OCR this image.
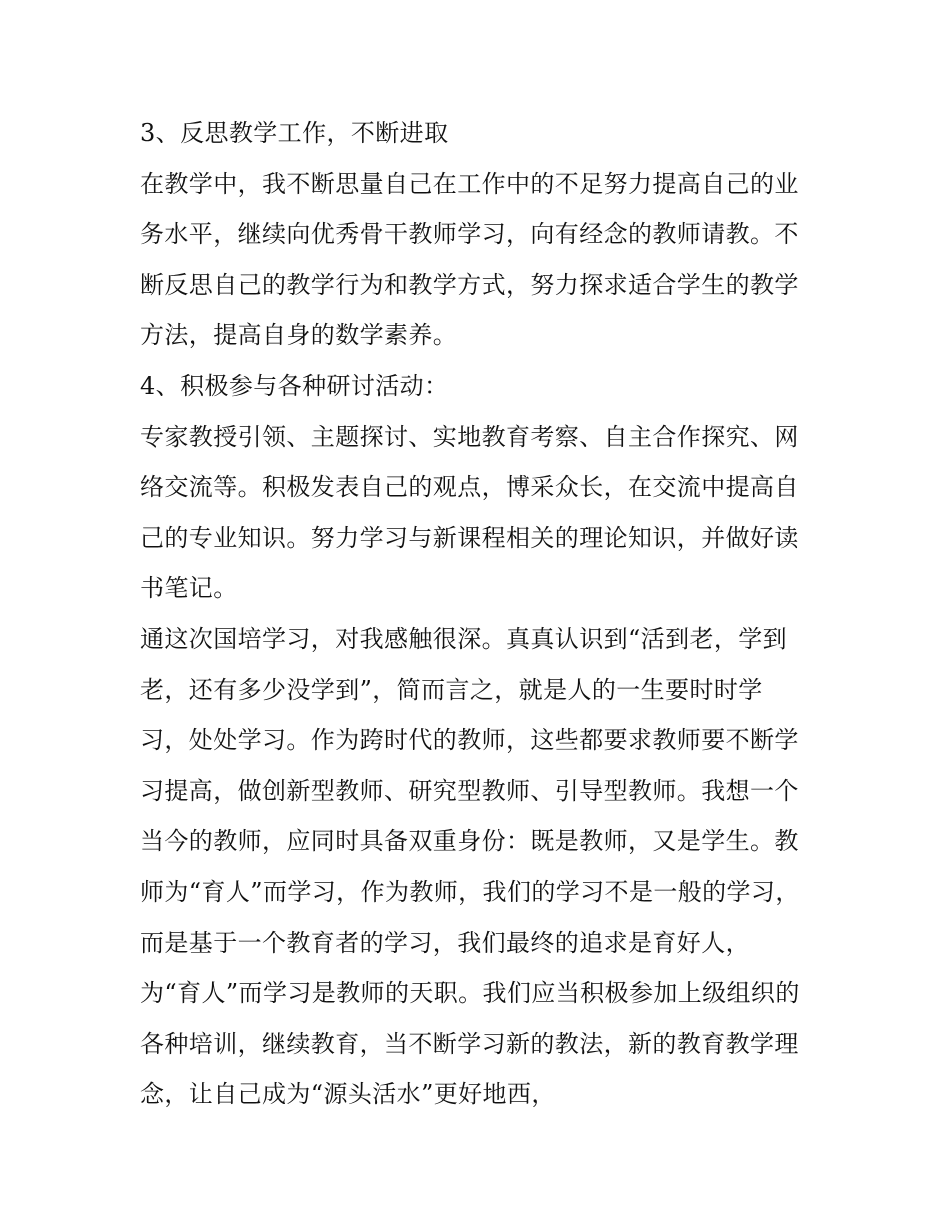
3、反思教学工作，不断进取

在教学中，我不断思量自己在工作中的不足努力提高自己的业

务水平，继续向优秀骨干教师学习，向有经念的教师请教。不

断反思自己的教学行为和教学方式，努力探求适合学生的教学

方法，提高自身的数学素养。

4、积极参与各种研讨活动：

专家教授引领、主题探讨、实地教育考察、自主合作探究、网

络交流等。积极发表自己的观点，博采众长，在交流中提高自

己的专业知识。努力学习与新课程相关的理论知识，并做好读

书笔记。

通这次国培学习，对我感触很深。真真认识到“活到老，学到

老，还有多少没学到”，简而言之，就是人的一生要时时学

习，处处学习。作为跨时代的教师，这些都要求教师要不断学

习提高，做创新型教师、研究型教师、引导型教师。我想一个

当今的教师，应同时具备双重身份：既是教师，又是学生。教

师为“育人”而学习，作为教师，我们的学习不是一般的学习，

而是基于一个教育者的学习，我们最终的追求是育好人，

为“育人”而学习是教师的天职。我们应当积极参加上级组织的

各种培训，继续教育，当不断学习新的教法，新的教育教学理

念，让自己成为“源头活水”更好地西，
